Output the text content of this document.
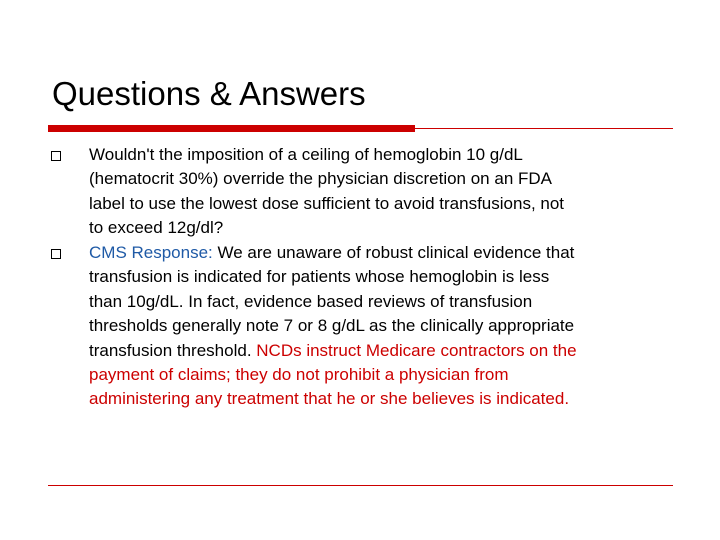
Questions & Answers

Wouldn't the imposition of a ceiling of hemoglobin 10 g/dL
(hematocrit 30%) override the physician discretion on an FDA
label to use the lowest dose sufficient to avoid transfusions, not
to exceed 12g/dl?

CMS Response: We are unaware of robust clinical evidence that
transfusion is indicated for patients whose hemoglobin is less
than 10g/dL. In fact, evidence based reviews of transfusion
thresholds generally note 7 or 8 g/dL as the clinically appropriate
transfusion threshold. NCDs instruct Medicare contractors on the
payment of claims; they do not prohibit a physician from
administering any treatment that he or she believes is indicated.
